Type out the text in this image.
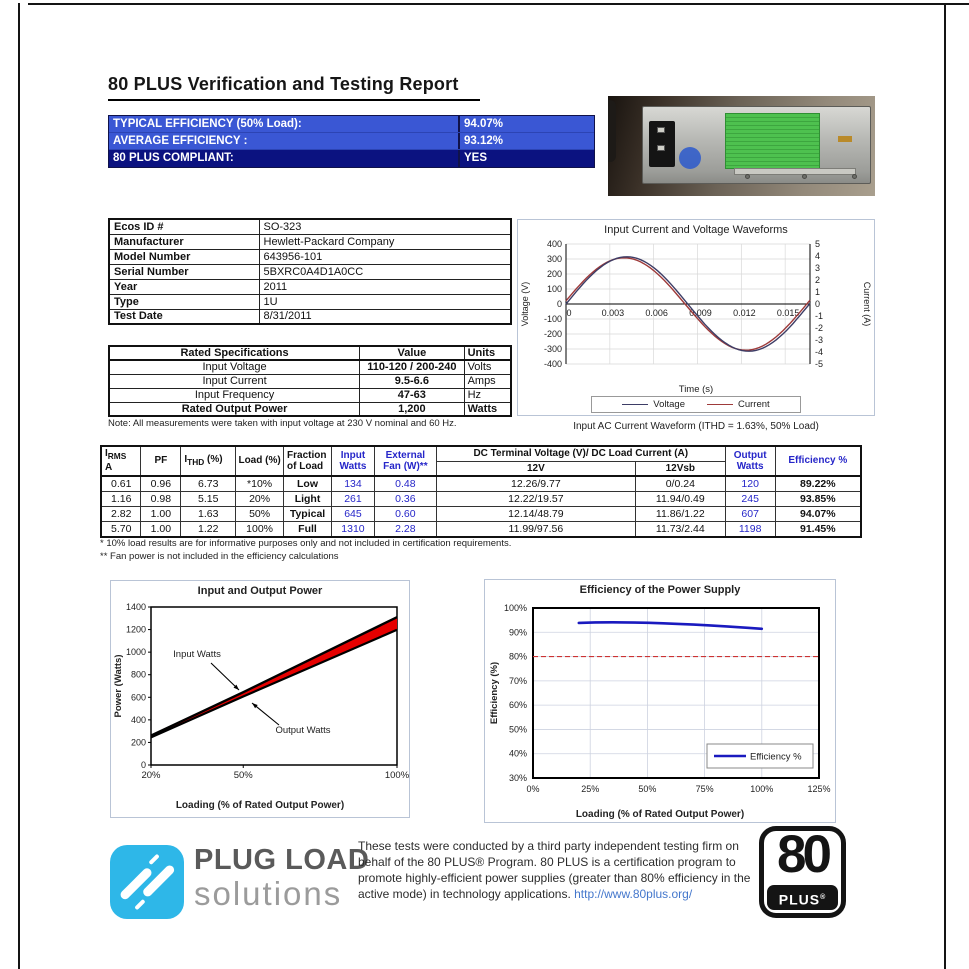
80 PLUS Verification and Testing Report
TYPICAL EFFICIENCY (50% Load):	94.07%
AVERAGE EFFICIENCY :	93.12%
80 PLUS COMPLIANT:	YES
Ecos ID #	SO-323
Manufacturer	Hewlett-Packard Company
Model Number	643956-101
Serial Number	5BXRC0A4D1A0CC
Year	2011
Type	1U
Test Date	8/31/2011
Rated Specifications	Value	Units
Input Voltage	110-120 / 200-240	Volts
Input Current	9.5-6.6	Amps
Input Frequency	47-63	Hz
Rated Output Power	1,200	Watts
Note: All measurements were taken with input voltage at 230 V nominal and 60 Hz.
Input Current and Voltage Waveforms
-400
-300
-200
-100
0
100
200
300
400
-5
-4
-3
-2
-1
0
1
2
3
4
5
0	0.003 0.006 0.009 0.012 0.015
Voltage (V)	Current (A)
Time (s)
Voltage	Current
Input AC Current Waveform (ITHD = 1.63%, 50% Load)
$I_{RMS}$
A	PF	$I_{THD}$ (%)	Load (%)	Fraction of Load	Input Watts	External Fan (W)**	DC Terminal Voltage (V)/ DC Load Current (A)		Output Watts	Efficiency %
							12V	12Vsb		
0.61	0.96	6.73	*10%	Low	134	0.48	12.26/9.77	0/0.24	120	89.22%
1.16	0.98	5.15	20%	Light	261	0.36	12.22/19.57	11.94/0.49	245	93.85%
2.82	1.00	1.63	50%	Typical	645	0.60	12.14/48.79	11.86/1.22	607	94.07%
5.70	1.00	1.22	100%	Full	1310	2.28	11.99/97.56	11.73/2.44	1198	91.45%
* 10% load results are for informative purposes only and not included in certification requirements.
** Fan power is not included in the efficiency calculations
Input and Output Power
0
200
400
600
800
1000
1200
1400
20%	50%	100%
Input Watts
Output Watts
Power (Watts)
Loading (% of Rated Output Power)
Efficiency of the Power Supply
30%
40%
50%
60%
70%
80%
90%
100%
0%	25%	50%	75%	100%	125%
Efficiency %
Efficiency (%)
Loading (% of Rated Output Power)
PLUG LOAD
solutions
These tests were conducted by a third party independent testing firm on behalf of the 80 PLUS® Program. 80 PLUS is a certification program to promote highly-efficient power supplies (greater than 80% efficiency in the active mode) in technology applications. http://www.80plus.org/
80
PLUS®
